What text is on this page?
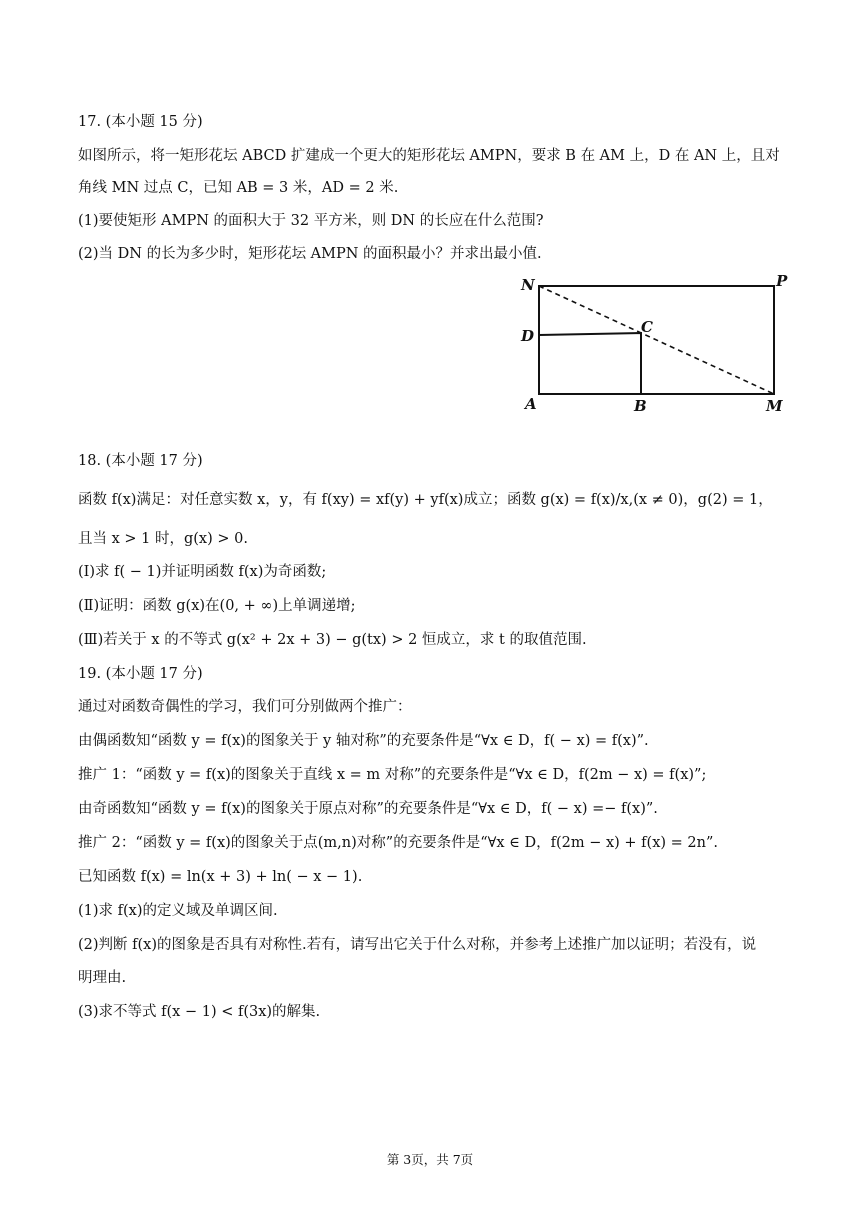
17. (本小题 15 分)
如图所示，将一矩形花坛 ABCD 扩建成一个更大的矩形花坛 AMPN，要求 B 在 AM 上，D 在 AN 上，且对
角线 MN 过点 C，已知 AB = 3 米，AD = 2 米.
(1)要使矩形 AMPN 的面积大于 32 平方米，则 DN 的长应在什么范围?
(2)当 DN 的长为多少时，矩形花坛 AMPN 的面积最小？并求出最小值.
N	P
D	C
A	B	M
18. (本小题 17 分)
函数 f(x)满足：对任意实数 x，y，有 f(xy) = xf(y) + yf(x)成立；函数 g(x) = f(x)/x,(x ≠ 0)，g(2) = 1，
且当 x > 1 时，g(x) > 0.
(Ⅰ)求 f( − 1)并证明函数 f(x)为奇函数;
(Ⅱ)证明：函数 g(x)在(0, + ∞)上单调递增;
(Ⅲ)若关于 x 的不等式 g(x² + 2x + 3) − g(tx) > 2 恒成立，求 t 的取值范围.
19. (本小题 17 分)
通过对函数奇偶性的学习，我们可分别做两个推广：
由偶函数知“函数 y = f(x)的图象关于 y 轴对称”的充要条件是“∀x ∈ D，f( − x) = f(x)”.
推广 1：“函数 y = f(x)的图象关于直线 x = m 对称”的充要条件是“∀x ∈ D，f(2m − x) = f(x)”;
由奇函数知“函数 y = f(x)的图象关于原点对称”的充要条件是“∀x ∈ D，f( − x) =− f(x)”.
推广 2：“函数 y = f(x)的图象关于点(m,n)对称”的充要条件是“∀x ∈ D，f(2m − x) + f(x) = 2n”.
已知函数 f(x) = ln(x + 3) + ln( − x − 1).
(1)求 f(x)的定义域及单调区间.
(2)判断 f(x)的图象是否具有对称性.若有，请写出它关于什么对称，并参考上述推广加以证明；若没有，说
明理由.
(3)求不等式 f(x − 1) < f(3x)的解集.
第 3页，共 7页
